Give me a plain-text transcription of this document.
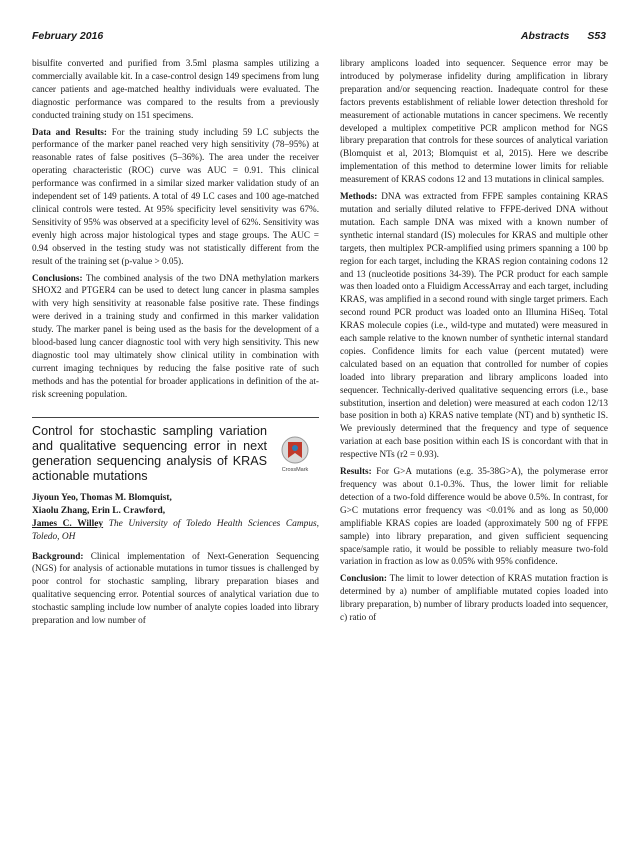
February 2016	Abstracts S53

bisulfite converted and purified from 3.5ml plasma samples utilizing a commercially available kit. In a case-control design 149 specimens from lung cancer patients and age-matched healthy individuals were evaluated. The diagnostic performance was compared to the results from a previously conducted training study on 151 specimens.

Data and Results: For the training study including 59 LC subjects the performance of the marker panel reached very high sensitivity (78–95%) at reasonable rates of false positives (5–36%). The area under the receiver operating characteristic (ROC) curve was AUC = 0.91. This clinical performance was confirmed in a similar sized marker validation study of an independent set of 149 patients. A total of 49 LC cases and 100 age-matched clinical controls were tested. At 95% specificity level sensitivity was 67%. Sensitivity of 95% was observed at a specificity level of 62%. Sensitivity was evenly high across major histological types and stage groups. The AUC = 0.94 observed in the testing study was not statistically different from the result of the training set (p-value > 0.05).

Conclusions: The combined analysis of the two DNA methylation markers SHOX2 and PTGER4 can be used to detect lung cancer in plasma samples with very high sensitivity at reasonable false positive rate. These findings were derived in a training study and confirmed in this marker validation study. The marker panel is being used as the basis for the development of a blood-based lung cancer diagnostic tool with very high sensitivity. This new diagnostic tool may ultimately show clinical utility in combination with current imaging techniques by reducing the false positive rate of such methods and has the potential for broader applications in definition of the at-risk screening population.

Control for stochastic sampling variation and qualitative sequencing error in next generation sequencing analysis of KRAS actionable mutations	CrossMark
Jiyoun Yeo, Thomas M. Blomquist,
Xiaolu Zhang, Erin L. Crawford,
James C. Willey The University of Toledo Health Sciences Campus, Toledo, OH

Background: Clinical implementation of Next-Generation Sequencing (NGS) for analysis of actionable mutations in tumor tissues is challenged by poor control for stochastic sampling, library preparation biases and qualitative sequencing error. Potential sources of analytical variation due to stochastic sampling include low number of analyte copies loaded into library preparation and low number of

library amplicons loaded into sequencer. Sequence error may be introduced by polymerase infidelity during amplification in library preparation and/or sequencing reaction. Inadequate control for these factors prevents establishment of reliable lower detection threshold for measurement of actionable mutations in cancer specimens. We recently developed a multiplex competitive PCR amplicon method for NGS library preparation that controls for these sources of analytical variation (Blomquist et al, 2013; Blomquist et al, 2015). Here we describe implementation of this method to determine lower limits for reliable measurement of KRAS codons 12 and 13 mutations in clinical samples.

Methods: DNA was extracted from FFPE samples containing KRAS mutation and serially diluted relative to FFPE-derived DNA without mutation. Each sample DNA was mixed with a known number of synthetic internal standard (IS) molecules for KRAS and multiple other targets, then multiplex PCR-amplified using primers spanning a 100 bp region for each target, including the KRAS region containing codons 12 and 13 (nucleotide positions 34-39). The PCR product for each sample was then loaded onto a Fluidigm AccessArray and each target, including KRAS, was amplified in a second round with single target primers. Each second round PCR product was loaded onto an Illumina HiSeq. Total KRAS molecule copies (i.e., wild-type and mutated) were measured in each sample relative to the known number of synthetic internal standard copies. Confidence limits for each value (percent mutated) were calculated based on an equation that controlled for number of copies loaded into library preparation and library amplicons loaded into sequencer. Technically-derived qualitative sequencing errors (i.e., base substitution, insertion and deletion) were measured at each codon 12/13 base position in both a) KRAS native template (NT) and b) synthetic IS. We previously determined that the frequency and type of sequence variation at each base position within each IS is concordant with that in respective NTs (r2 = 0.93).

Results: For G>A mutations (e.g. 35-38G>A), the polymerase error frequency was about 0.1-0.3%. Thus, the lower limit for reliable detection of a two-fold difference would be above 0.5%. In contrast, for G>C mutations error frequency was <0.01% and as long as 50,000 amplifiable KRAS copies are loaded (approximately 500 ng of FFPE sample) into library preparation, and given sufficient sequencing space/sample ratio, it would be possible to reliably measure two-fold variation in fraction as low as 0.05% with 95% confidence.

Conclusion: The limit to lower detection of KRAS mutation fraction is determined by a) number of amplifiable mutated copies loaded into library preparation, b) number of library products loaded into sequencer, c) ratio of
